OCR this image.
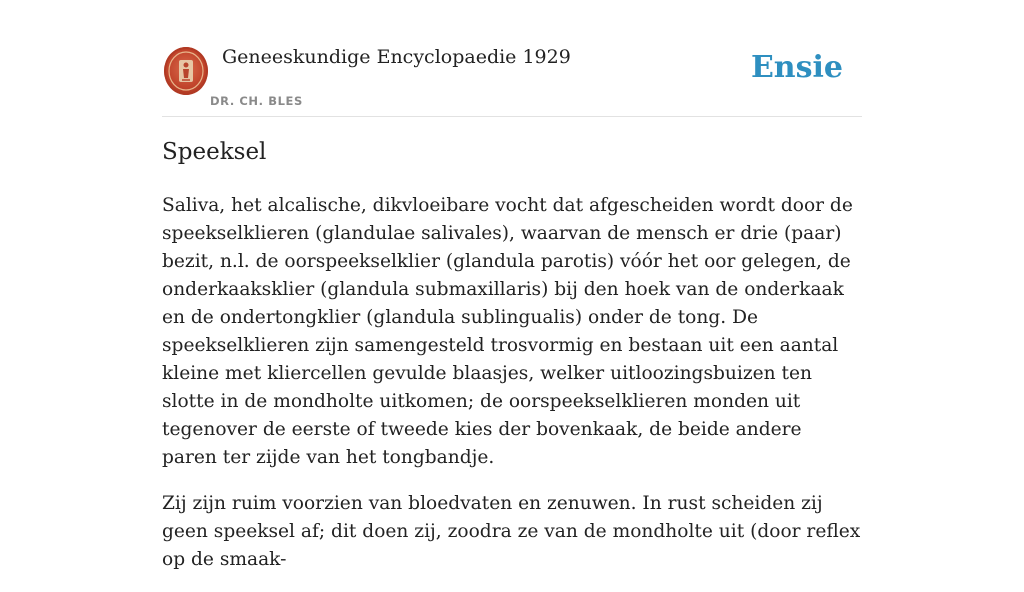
Geneeskundige Encyclopaedie 1929
DR. CH. BLES
Ensie
Speeksel

Saliva, het alcalische, dikvloeibare vocht dat afgescheiden wordt door de speekselklieren (glandulae salivales), waarvan de mensch er drie (paar) bezit, n.l. de oorspeekselklier (glandula parotis) vóór het oor gelegen, de onderkaaksklier (glandula submaxillaris) bij den hoek van de onderkaak en de ondertongklier (glandula sublingualis) onder de tong. De speekselklieren zijn samengesteld trosvormig en bestaan uit een aantal kleine met kliercellen gevulde blaasjes, welker uitloozingsbuizen ten slotte in de mondholte uitkomen; de oorspeekselklieren monden uit tegenover de eerste of tweede kies der bovenkaak, de beide andere paren ter zijde van het tongbandje.

Zij zijn ruim voorzien van bloedvaten en zenuwen. In rust scheiden zij geen speeksel af; dit doen zij, zoodra ze van de mondholte uit (door reflex op de smaak-
